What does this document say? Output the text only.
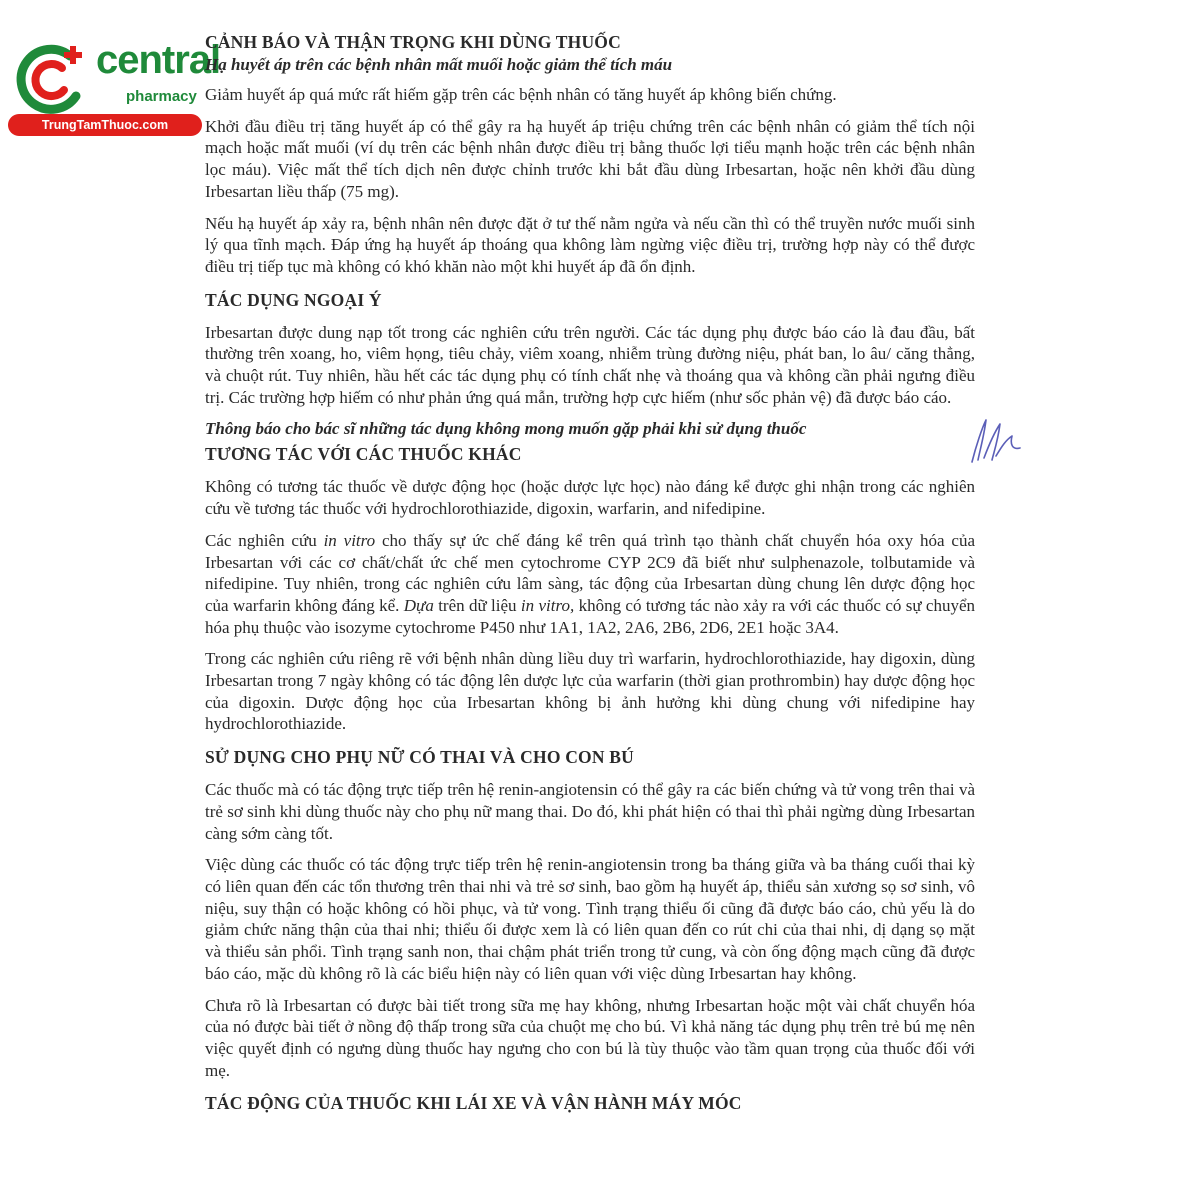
central
pharmacy
TrungTamThuoc.com
CẢNH BÁO VÀ THẬN TRỌNG KHI DÙNG THUỐC
Hạ huyết áp trên các bệnh nhân mất muối hoặc giảm thể tích máu

Giảm huyết áp quá mức rất hiếm gặp trên các bệnh nhân có tăng huyết áp không biến chứng.

Khởi đầu điều trị tăng huyết áp có thể gây ra hạ huyết áp triệu chứng trên các bệnh nhân có giảm thể tích nội mạch hoặc mất muối (ví dụ trên các bệnh nhân được điều trị bằng thuốc lợi tiểu mạnh hoặc trên các bệnh nhân lọc máu). Việc mất thể tích dịch nên được chỉnh trước khi bắt đầu dùng Irbesartan, hoặc nên khởi đầu dùng Irbesartan liều thấp (75 mg).

Nếu hạ huyết áp xảy ra, bệnh nhân nên được đặt ở tư thế nằm ngửa và nếu cần thì có thể truyền nước muối sinh lý qua tĩnh mạch. Đáp ứng hạ huyết áp thoáng qua không làm ngừng việc điều trị, trường hợp này có thể được điều trị tiếp tục mà không có khó khăn nào một khi huyết áp đã ổn định.

TÁC DỤNG NGOẠI Ý

Irbesartan được dung nạp tốt trong các nghiên cứu trên người. Các tác dụng phụ được báo cáo là đau đầu, bất thường trên xoang, ho, viêm họng, tiêu chảy, viêm xoang, nhiễm trùng đường niệu, phát ban, lo âu/ căng thẳng, và chuột rút. Tuy nhiên, hầu hết các tác dụng phụ có tính chất nhẹ và thoáng qua và không cần phải ngưng điều trị. Các trường hợp hiếm có như phản ứng quá mẫn, trường hợp cực hiếm (như sốc phản vệ) đã được báo cáo.

Thông báo cho bác sĩ những tác dụng không mong muốn gặp phải khi sử dụng thuốc
TƯƠNG TÁC VỚI CÁC THUỐC KHÁC

Không có tương tác thuốc về dược động học (hoặc dược lực học) nào đáng kể được ghi nhận trong các nghiên cứu về tương tác thuốc với hydrochlorothiazide, digoxin, warfarin, and nifedipine.

Các nghiên cứu in vitro cho thấy sự ức chế đáng kể trên quá trình tạo thành chất chuyển hóa oxy hóa của Irbesartan với các cơ chất/chất ức chế men cytochrome CYP 2C9 đã biết như sulphenazole, tolbutamide và nifedipine. Tuy nhiên, trong các nghiên cứu lâm sàng, tác động của Irbesartan dùng chung lên dược động học của warfarin không đáng kể. Dựa trên dữ liệu in vitro, không có tương tác nào xảy ra với các thuốc có sự chuyển hóa phụ thuộc vào isozyme cytochrome P450 như 1A1, 1A2, 2A6, 2B6, 2D6, 2E1 hoặc 3A4.

Trong các nghiên cứu riêng rẽ với bệnh nhân dùng liều duy trì warfarin, hydrochlorothiazide, hay digoxin, dùng Irbesartan trong 7 ngày không có tác động lên dược lực của warfarin (thời gian prothrombin) hay dược động học của digoxin. Dược động học của Irbesartan không bị ảnh hưởng khi dùng chung với nifedipine hay hydrochlorothiazide.

SỬ DỤNG CHO PHỤ NỮ CÓ THAI VÀ CHO CON BÚ

Các thuốc mà có tác động trực tiếp trên hệ renin-angiotensin có thể gây ra các biến chứng và tử vong trên thai và trẻ sơ sinh khi dùng thuốc này cho phụ nữ mang thai. Do đó, khi phát hiện có thai thì phải ngừng dùng Irbesartan càng sớm càng tốt.

Việc dùng các thuốc có tác động trực tiếp trên hệ renin-angiotensin trong ba tháng giữa và ba tháng cuối thai kỳ có liên quan đến các tổn thương trên thai nhi và trẻ sơ sinh, bao gồm hạ huyết áp, thiểu sản xương sọ sơ sinh, vô niệu, suy thận có hoặc không có hồi phục, và tử vong. Tình trạng thiểu ối cũng đã được báo cáo, chủ yếu là do giảm chức năng thận của thai nhi; thiểu ối được xem là có liên quan đến co rút chi của thai nhi, dị dạng sọ mặt và thiểu sản phổi. Tình trạng sanh non, thai chậm phát triển trong tử cung, và còn ống động mạch cũng đã được báo cáo, mặc dù không rõ là các biểu hiện này có liên quan với việc dùng Irbesartan hay không.

Chưa rõ là Irbesartan có được bài tiết trong sữa mẹ hay không, nhưng Irbesartan hoặc một vài chất chuyển hóa của nó được bài tiết ở nồng độ thấp trong sữa của chuột mẹ cho bú. Vì khả năng tác dụng phụ trên trẻ bú mẹ nên việc quyết định có ngưng dùng thuốc hay ngưng cho con bú là tùy thuộc vào tầm quan trọng của thuốc đối với mẹ.

TÁC ĐỘNG CỦA THUỐC KHI LÁI XE VÀ VẬN HÀNH MÁY MÓC
